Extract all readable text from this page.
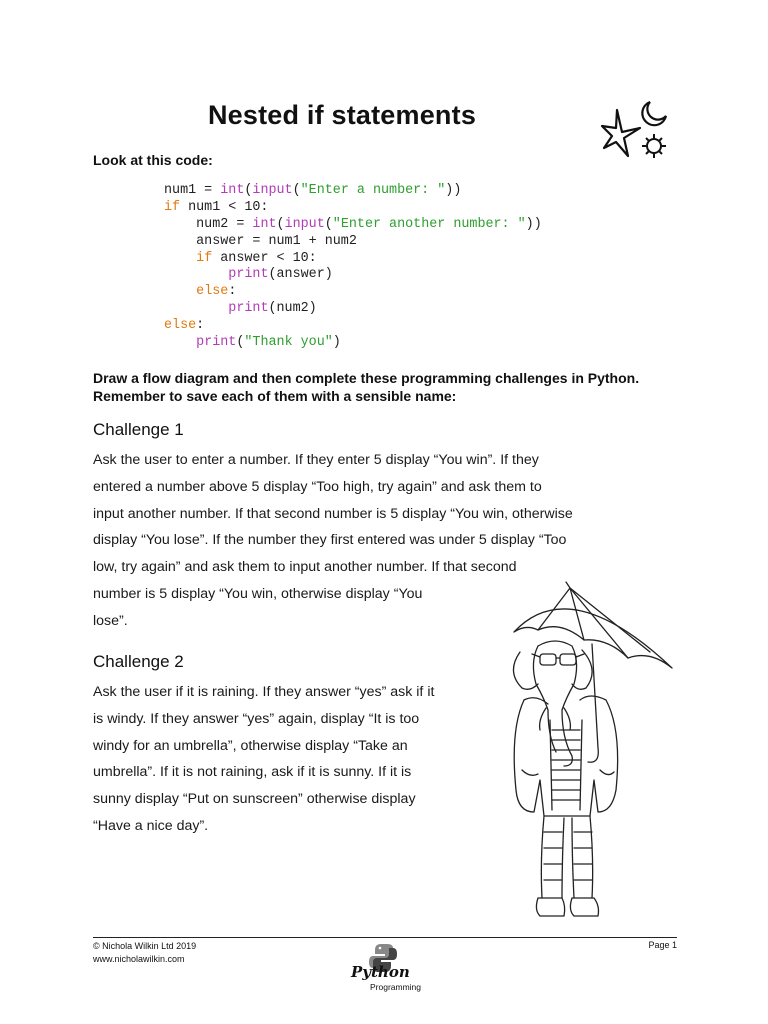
Nested if statements
Look at this code:
num1 = int(input("Enter a number: "))
if num1 < 10:
num2 = int(input("Enter another number: "))
answer = num1 + num2
if answer < 10:
print(answer)
else:
print(num2)
else:
print("Thank you")
Draw a flow diagram and then complete these programming challenges in Python. Remember to save each of them with a sensible name:
Challenge 1
Ask the user to enter a number. If they enter 5 display “You win”. If they
entered a number above 5 display “Too high, try again” and ask them to
input another number. If that second number is 5 display “You win, otherwise
display “You lose”. If the number they first entered was under 5 display “Too
low, try again” and ask them to input another number. If that second
number is 5 display “You win, otherwise display “You
lose”.
Challenge 2
Ask the user if it is raining. If they answer “yes” ask if it
is windy. If they answer “yes” again, display “It is too
windy for an umbrella”, otherwise display “Take an
umbrella”. If it is not raining, ask if it is sunny. If it is
sunny display “Put on sunscreen” otherwise display
“Have a nice day”.
© Nichola Wilkin Ltd 2019
www.nicholawilkin.com
Page 1
Python
Programming
